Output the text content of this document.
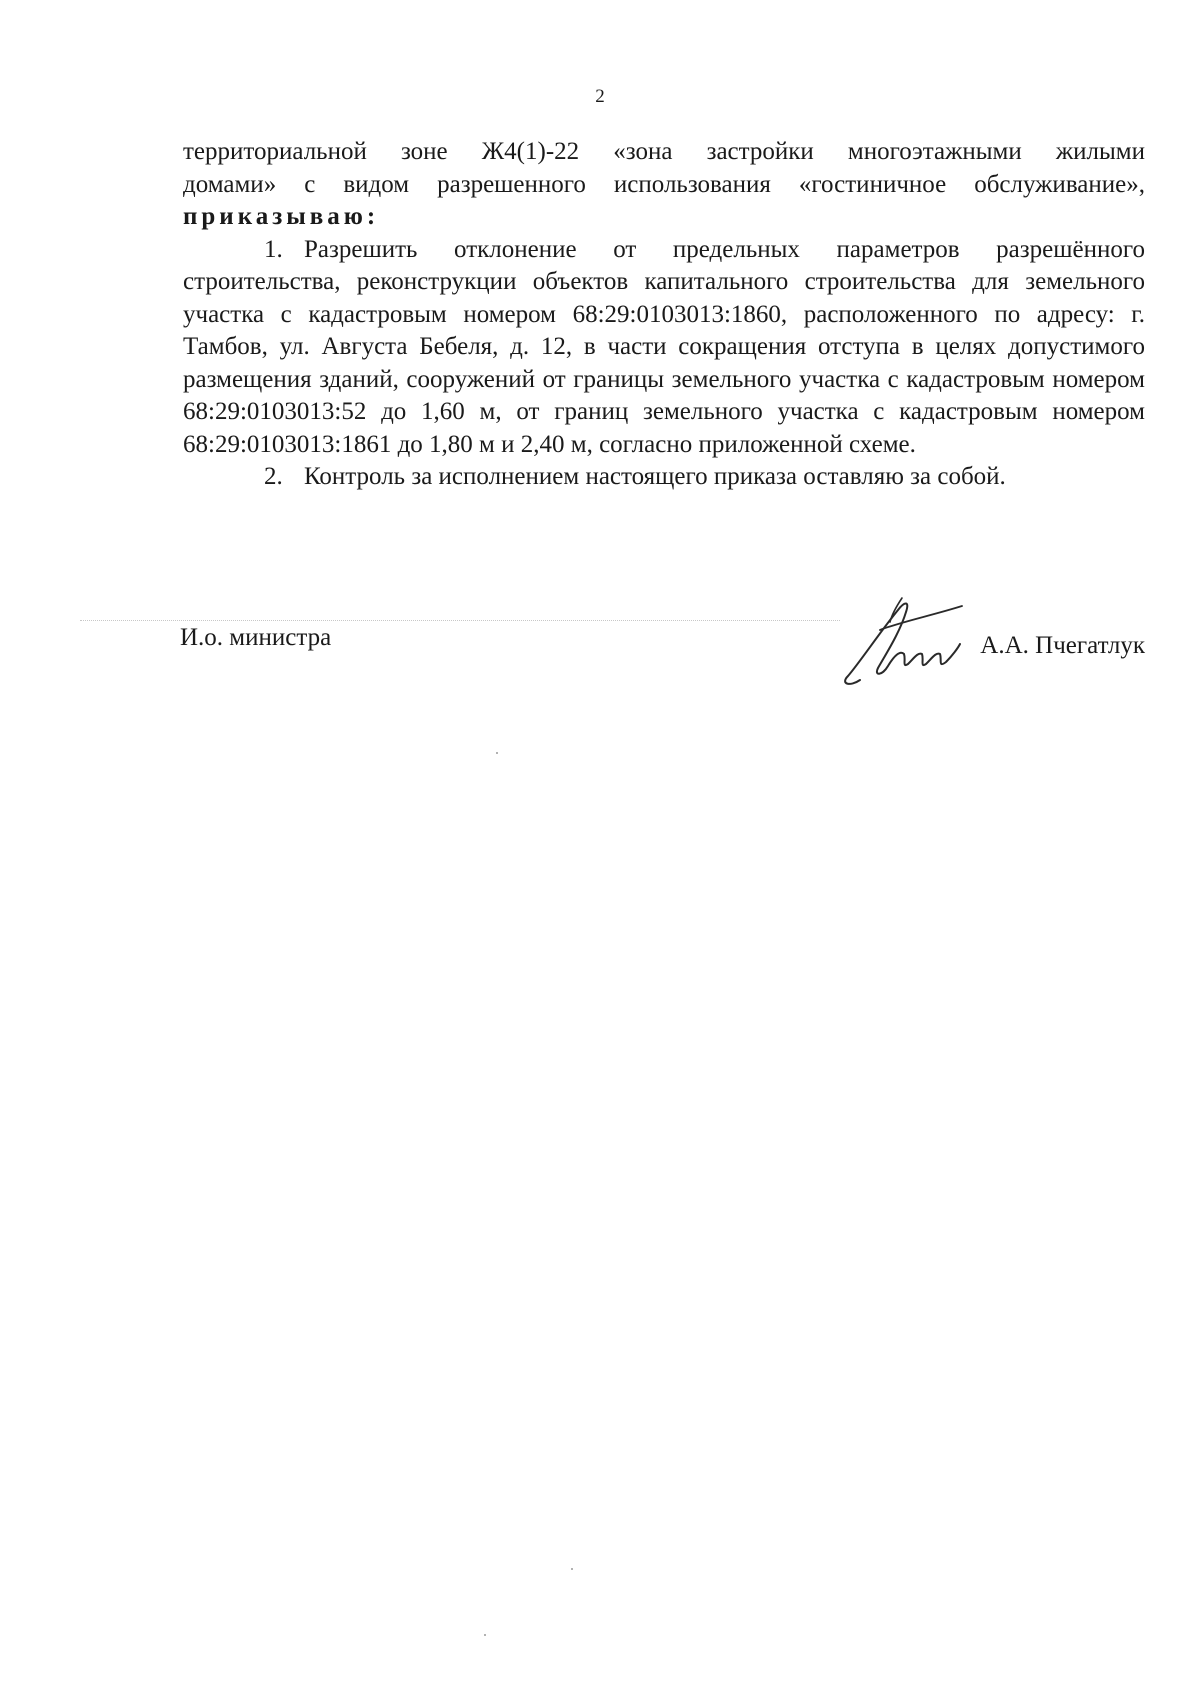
2

территориальной зоне Ж4(1)-22 «зона застройки многоэтажными жилыми

домами» с видом разрешенного использования «гостиничное обслуживание»,

приказываю:

1. Разрешить отклонение от предельных параметров разрешённого строительства, реконструкции объектов капитального строительства для земельного участка с кадастровым номером 68:29:0103013:1860, расположенного по адресу: г. Тамбов, ул. Августа Бебеля, д. 12, в части сокращения отступа в целях допустимого размещения зданий, сооружений от границы земельного участка с кадастровым номером 68:29:0103013:52 до 1,60 м, от границ земельного участка с кадастровым номером 68:29:0103013:1861 до 1,80 м и 2,40 м, согласно приложенной схеме.

2. Контроль за исполнением настоящего приказа оставляю за собой.

И.о. министра	А.А. Пчегатлук
